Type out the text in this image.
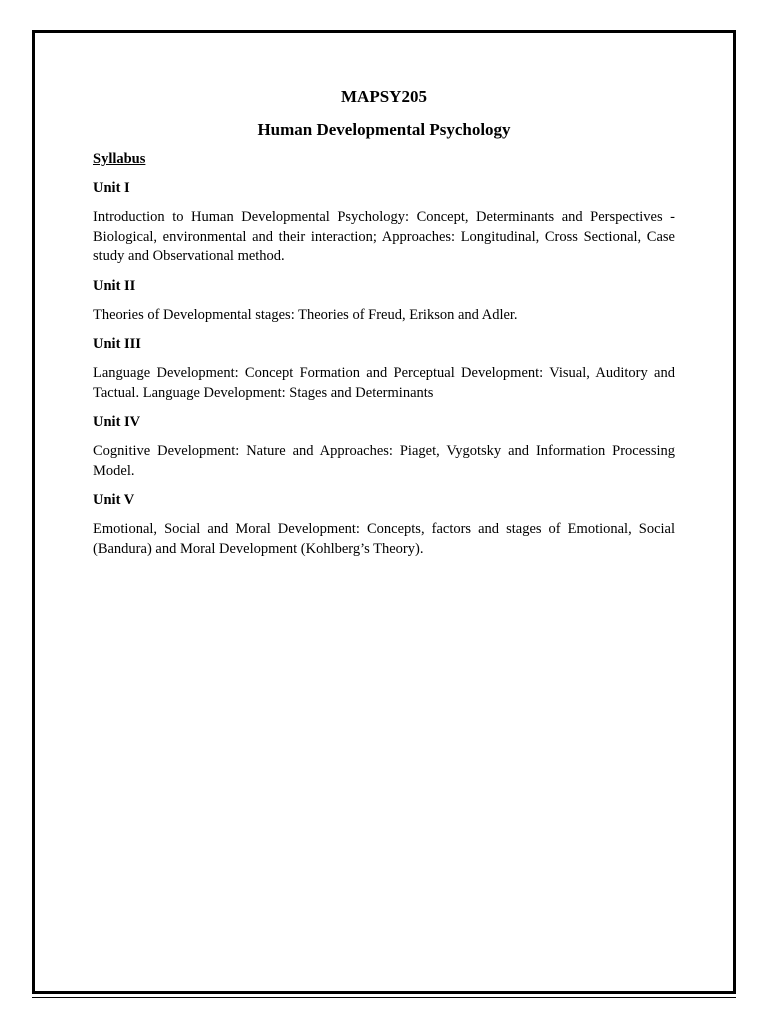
MAPSY205
Human Developmental Psychology
Syllabus
Unit I

Introduction to Human Developmental Psychology: Concept, Determinants and Perspectives - Biological, environmental and their interaction; Approaches: Longitudinal, Cross Sectional, Case study and Observational method.

Unit II

Theories of Developmental stages: Theories of Freud, Erikson and Adler.

Unit III

Language Development: Concept Formation and Perceptual Development: Visual, Auditory and Tactual. Language Development: Stages and Determinants

Unit IV

Cognitive Development: Nature and Approaches: Piaget, Vygotsky and Information Processing Model.

Unit V

Emotional, Social and Moral Development: Concepts, factors and stages of Emotional, Social (Bandura) and Moral Development (Kohlberg’s Theory).
